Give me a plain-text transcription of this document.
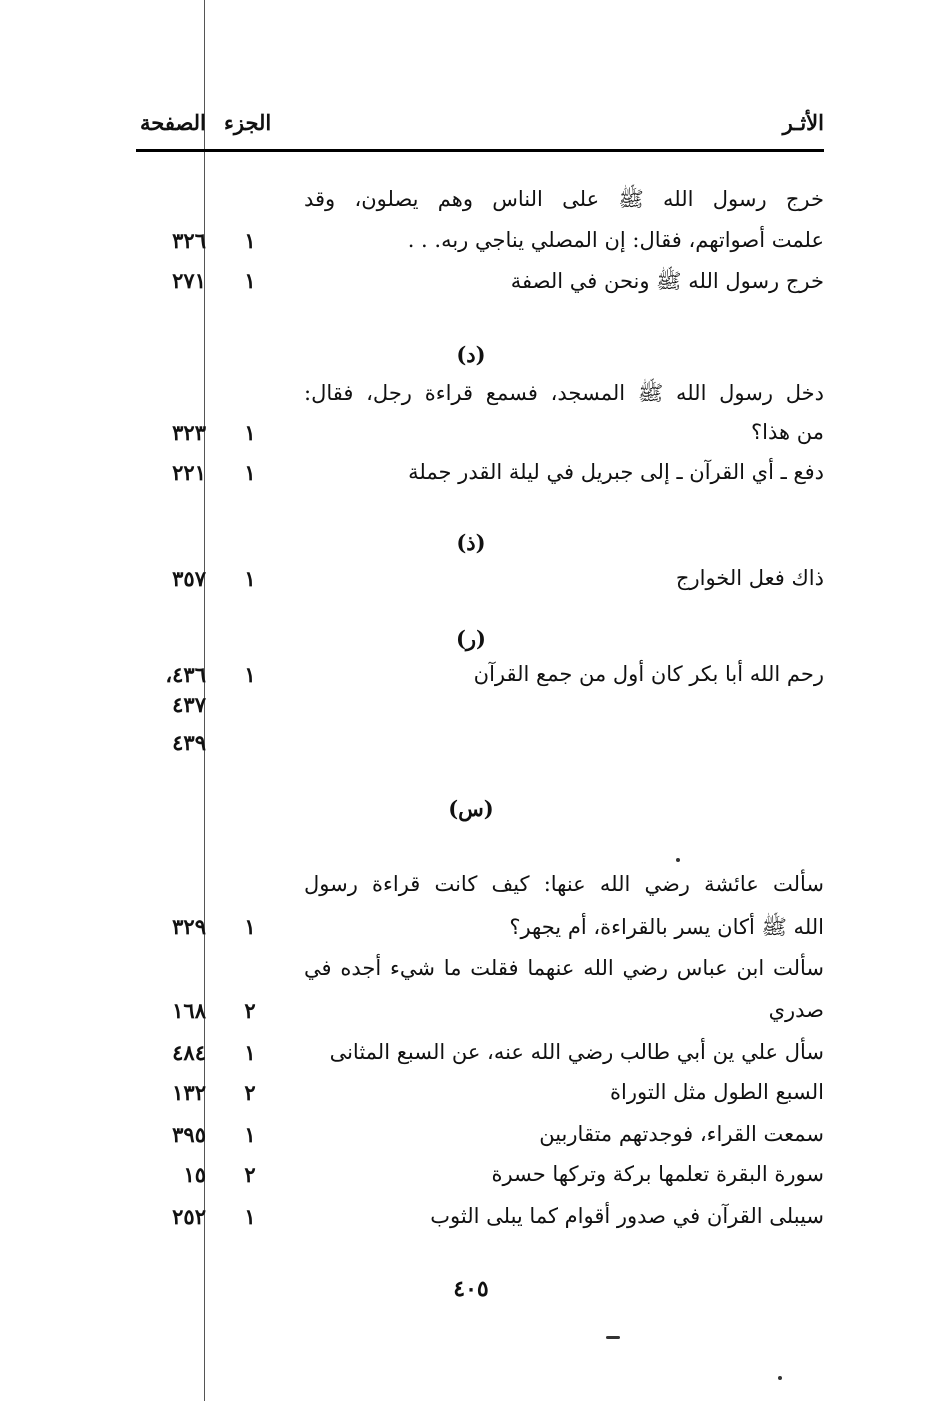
الأثـر
الجزء
الصفحة
خرج رسول الله ﷺ على الناس وهم يصلون، وقد
علمت أصواتهم، فقال: إن المصلي يناجي ربه. . .
١
٣٢٦
خرج رسول الله ﷺ ونحن في الصفة
١
٢٧١
(د)
دخل رسول الله ﷺ المسجد، فسمع قراءة رجل، فقال:
من هذا؟
١
٣٢٣
دفع ـ أي القرآن ـ إلى جبريل في ليلة القدر جملة
١
٢٢١
(ذ)
ذاك فعل الخوارج
١
٣٥٧
(ر)
رحم الله أبا بكر كان أول من جمع القرآن
١
٤٣٦،
٤٣٧
٤٣٩
(س)
سألت عائشة رضي الله عنها: كيف كانت قراءة رسول
الله ﷺ أكان يسر بالقراءة، أم يجهر؟
١
٣٢٩
سألت ابن عباس رضي الله عنهما فقلت ما شيء أجده في
صدري
٢
١٦٨
سأل علي ين أبي طالب رضي الله عنه، عن السبع المثانى
١
٤٨٤
السبع الطول مثل التوراة
٢
١٣٢
سمعت القراء، فوجدتهم متقاربين
١
٣٩٥
سورة البقرة تعلمها بركة وتركها حسرة
٢
١٥
سيبلى القرآن في صدور أقوام كما يبلى الثوب
١
٢٥٢
٤٠٥
